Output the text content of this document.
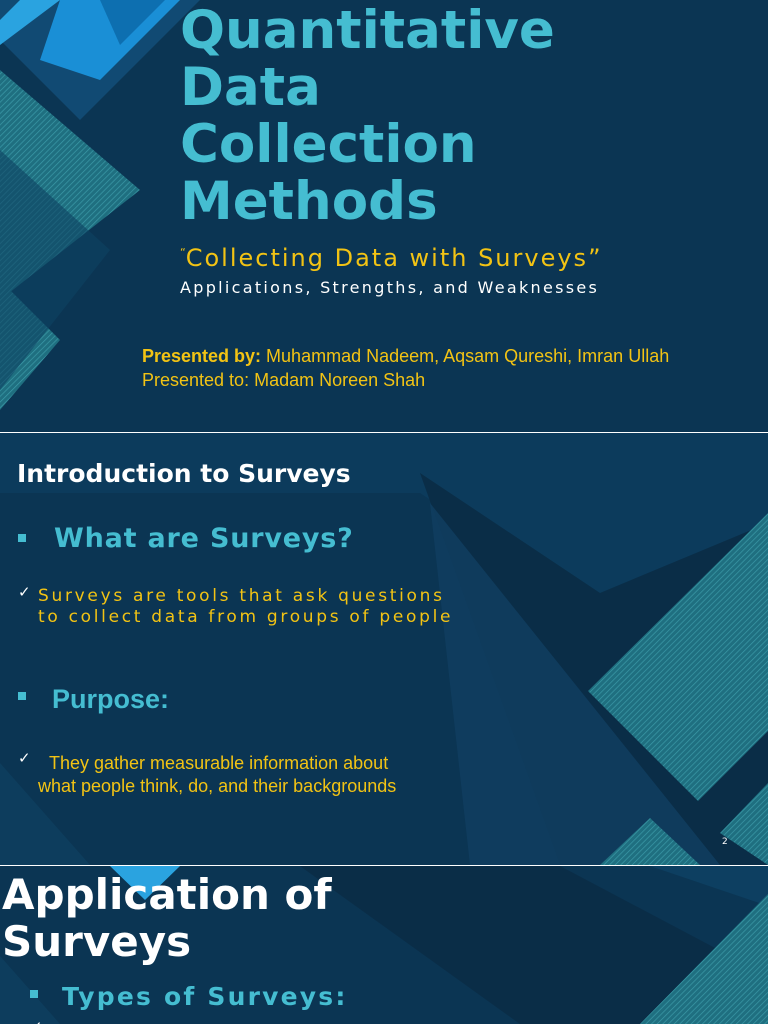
Quantitative
Data
Collection
Methods
“Collecting Data with Surveys”
Applications, Strengths, and Weaknesses
Presented by: Muhammad Nadeem, Aqsam Qureshi, Imran Ullah
Presented to: Madam Noreen Shah
Introduction to Surveys
What are Surveys?
✓ Surveys are tools that ask questions to collect data from groups of people
Purpose:
✓	They gather measurable information about what people think, do, and their backgrounds
2
Application of
Surveys
Types of Surveys:
✓
